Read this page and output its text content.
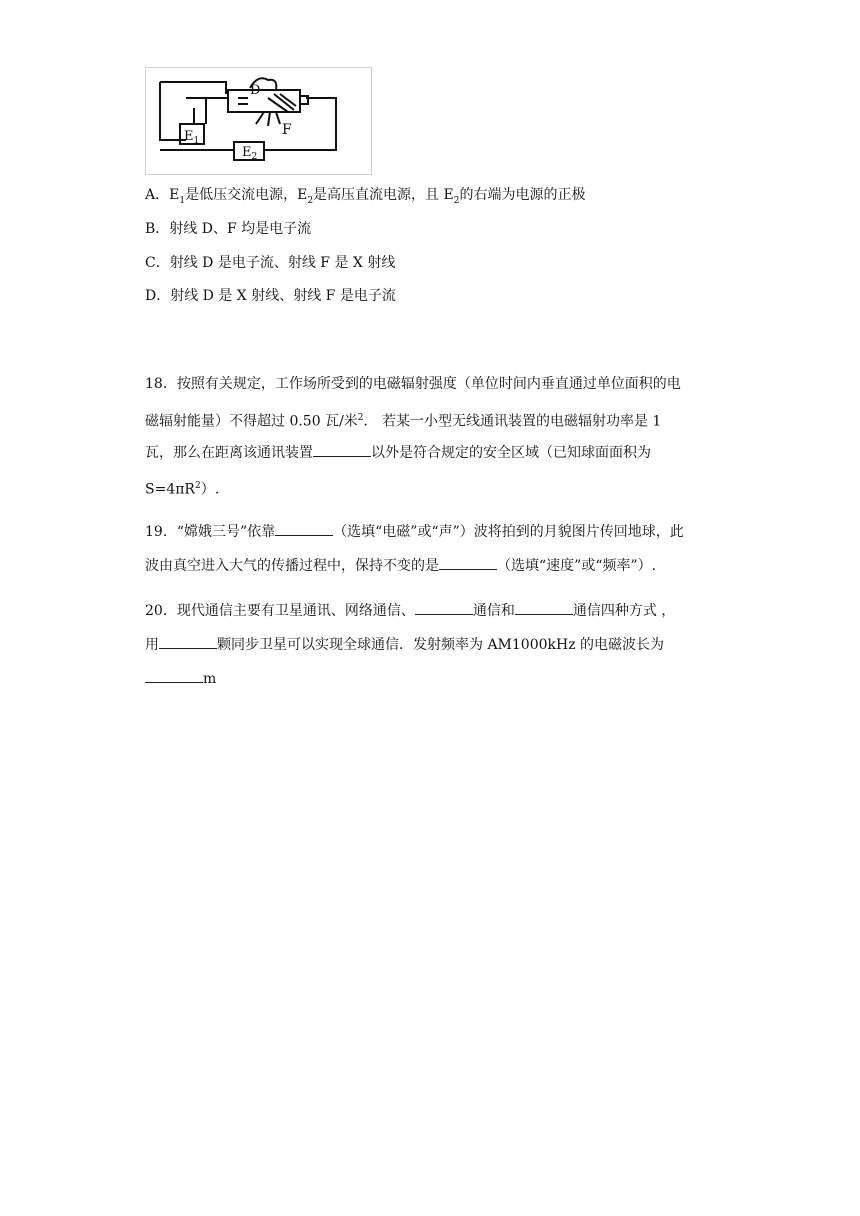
D
F
$E_1$
$E_2$
A．$E_1$是低压交流电源，$E_2$是高压直流电源，且 $E_2$的右端为电源的正极
B．射线 D、F 均是电子流
C．射线 D 是电子流、射线 F 是 X 射线
D．射线 D 是 X 射线、射线 F 是电子流
18．按照有关规定，工作场所受到的电磁辐射强度（单位时间内垂直通过单位面积的电
磁辐射能量）不得超过 0.50 瓦/米$^2$． 若某一小型无线通讯装置的电磁辐射功率是 1
瓦，那么在距离该通讯装置	以外是符合规定的安全区域（已知球面面积为
$S=4\pi R^2$）.
19．“嫦娥三号”依靠	（选填“电磁”或“声”）波将拍到的月貌图片传回地球，此
波由真空进入大气的传播过程中，保持不变的是	（选填“速度”或“频率”）.
20．现代通信主要有卫星通讯、网络通信、	通信和	通信四种方式 ，
用	颗同步卫星可以实现全球通信．发射频率为 AM1000kHz 的电磁波长为
m
